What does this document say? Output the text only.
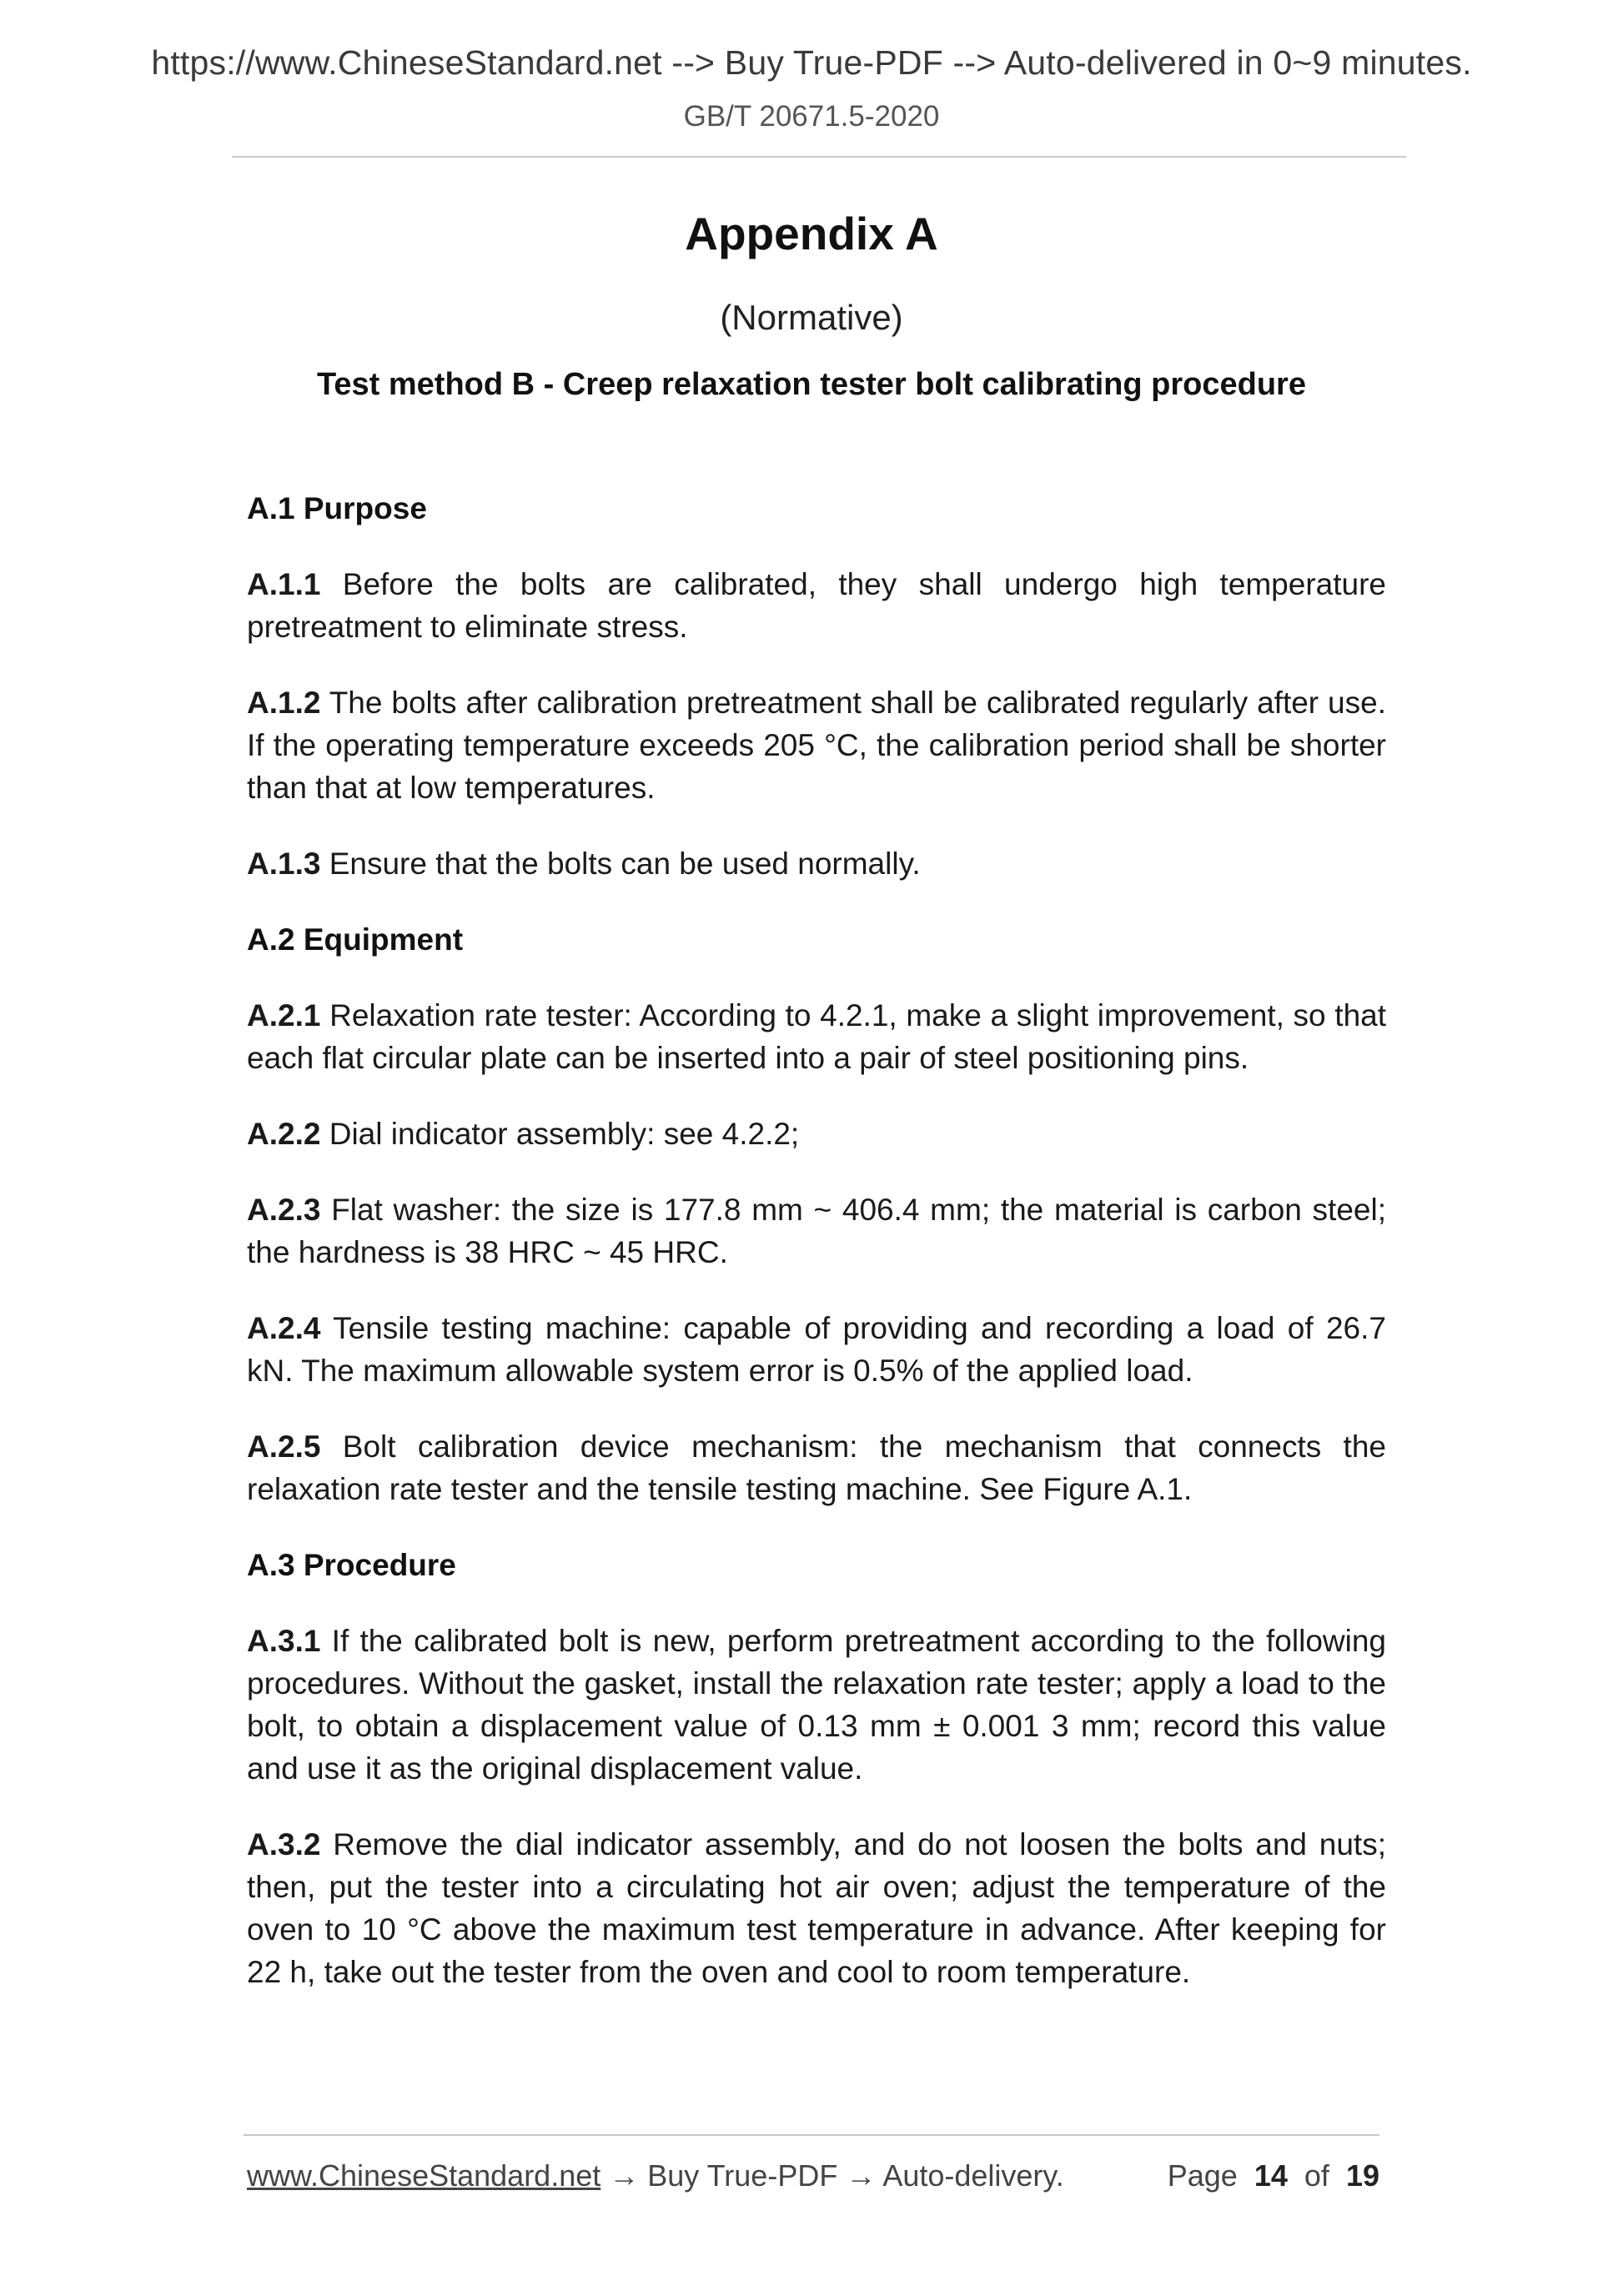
https://www.ChineseStandard.net --> Buy True-PDF --> Auto-delivered in 0~9 minutes.
GB/T 20671.5-2020
Appendix A
(Normative)
Test method B - Creep relaxation tester bolt calibrating procedure

A.1 Purpose

A.1.1 Before the bolts are calibrated, they shall undergo high temperature pretreatment to eliminate stress.

A.1.2 The bolts after calibration pretreatment shall be calibrated regularly after use. If the operating temperature exceeds 205 °C, the calibration period shall be shorter than that at low temperatures.

A.1.3 Ensure that the bolts can be used normally.

A.2 Equipment

A.2.1 Relaxation rate tester: According to 4.2.1, make a slight improvement, so that each flat circular plate can be inserted into a pair of steel positioning pins.

A.2.2 Dial indicator assembly: see 4.2.2;

A.2.3 Flat washer: the size is 177.8 mm ~ 406.4 mm; the material is carbon steel; the hardness is 38 HRC ~ 45 HRC.

A.2.4 Tensile testing machine: capable of providing and recording a load of 26.7 kN. The maximum allowable system error is 0.5% of the applied load.

A.2.5 Bolt calibration device mechanism: the mechanism that connects the relaxation rate tester and the tensile testing machine. See Figure A.1.

A.3 Procedure

A.3.1 If the calibrated bolt is new, perform pretreatment according to the following procedures. Without the gasket, install the relaxation rate tester; apply a load to the bolt, to obtain a displacement value of 0.13 mm ± 0.001 3 mm; record this value and use it as the original displacement value.

A.3.2 Remove the dial indicator assembly, and do not loosen the bolts and nuts; then, put the tester into a circulating hot air oven; adjust the temperature of the oven to 10 °C above the maximum test temperature in advance. After keeping for 22 h, take out the tester from the oven and cool to room temperature.

www.ChineseStandard.net → Buy True-PDF → Auto-delivery.	Page 14 of 19
